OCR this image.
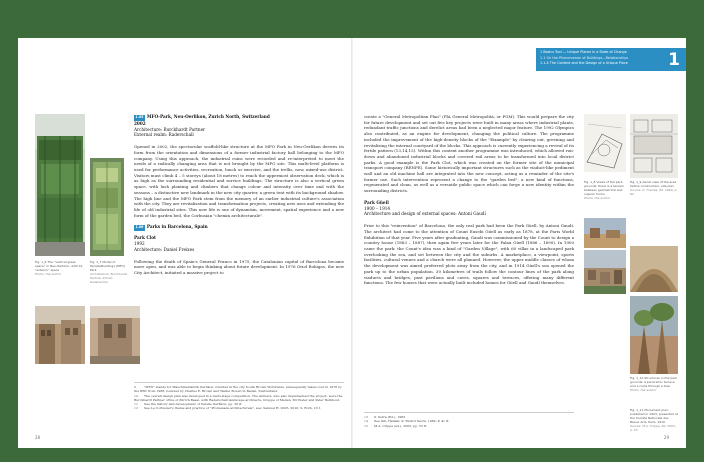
Fig. 1_6 The "vertical green space" in Neu-Oerlikon, with its "exterior" space
Photo: the author
Fig. 1_7 Model of Tensile/Buildings (MFO) Park
Architecture: Burckhardt Partner, Zürich; Raderschall
1.05 MFO-Park, Neu-Oerlikon, Zurich North, Switzerland
2002
Architecture: Burckhardt Partner
External realm: Raderschall
Opened in 2002, the spectacular scaffold-like structure at the MFO Park in Neu-Oerlikon derives its form from the orientation and dimensions of a former industrial factory hall belonging to the MFO company. Using this approach, the industrial ruins were recorded and re-interpreted to meet the needs of a radically changing area that is not brought by the MFO site. This multi-level platform is used for performance activities, recreation, lunch or exercise, and the trellis, now, mixed-use district. Visitors must climb 4 – 5 storeys (about 18 metres) to reach the uppermost observation deck, which is as high as the surrounding residential and service buildings. The structure is also a vertical green space, with lush planting and climbers that change colour and intensity over time and with the seasons – a distinctive new landmark in the new city quarter, a green tent with its background shadow. The high line and the MFO Park stem from the memory of an earlier industrial culture's association with the city. They are revitalisation and transformation projects, creating new uses and extending the life of old industrial sites. This new life is one of dynamism, movement, spatial experience and a new form of the garden bed, the Corbusian "chemin architecturale".
1.06 Parks in Barcelona, Spain
Park Clot
1992
Architecture: Daniel Freixes
Following the death of Spain's General Franco in 1975, the Catalonian capital of Barcelona became more open, and was able to begin thinking about future development. In 1976 Oriol Bohigas, the new City Architect, initiated a massive project to
9	"MFO" stands for Maschinenfabrik Oerlikon, founded in the city South Brown Worldwide, subsequently taken over in 1976 by the BBC from 1988, founded by Charles E. Brown and Walter Boveri in Baden, Switzerland.
10 The overall design plan was developed in a multi-stage competition. The winners, who also implemented the project, were the Burckhardt Partner office of Zürich-Basel, with Raderschall landscape architects, Gruppe of Meilen, Mr Pieter and Peter Berkhout.
11 See the history and development of Tensile Oerlikon, pp. 30 ff.
12 See Le Corbusier's theme and practice of "Promenade architecturale", see: Samuel H. 2005, 2010: S. Roth, 10 f.
28
1 Basics Tool — Unique Places in a State of Change
1.1 On the Phenomenon of Buildings—Relationships
1.1.4 The Context and the Design of a Unique Place 1
create a "General Metropolitan Plan" (PlA General Metropolità, or PGM). This would prepare the city for future development and set out five key projects were built in many areas where industrial plants, redundant traffic junctions and derelict areas had been a neglected major feature. The 1992 Olympics also contributed, as an engine for development, changing the political culture. The programme included the improvement of the high-density blocks of the "Eixample" by clearing out, greening and revitalising the internal courtyard of the blocks. This approach is currently experiencing a revival of its fertile pattern (13,14,15). Within this context another programme was introduced, which allowed run-down and abandoned industrial blocks and covered rail areas to be transformed into local district parks. A good example is the Park Clot, which was created on the former site of the municipal transport company (RENFE). Some historically important structures such as the viaduct-like pediment wall and an old machine hall are integrated into the new concept, acting as a reminder of the site's former use. Such intervention represent a change to the "garden bed", a new kind of functions, regenerated and clean, as well as a versatile public space which can forge a new identity within the surrounding districts.
Park Güell
1900 – 1914
Architecture and design of external spaces: Antoni Gaudí
Prior to this "reinvention" of Barcelona, the only real park had been the Park Güell, by Antoni Gaudí. The architect had come to the attention of Count Eusebi Güell as early as 1878, at the Paris World Exhibition of that year. Five years after graduating, Gaudí was commissioned by the Count to design a country house (1883 – 1887), then again five years later for the Palau Güell (1886 – 1890). In 1900 came the park: the Count's idea was a kind of "Garden Village", with 60 villas in a landscaped park overlooking the sea, and set between the city and the suburbs. A marketplace, a viewpoint, sports facilities, cultural venues and a church were all planned. However, the upper middle classes of whom the development was aimed preferred plots away from the city, and in 1914 Güell's son opened the park up to the urban population. 30 kilometres of trails follow the contour lines of the park along viaducts and bridges, past pavilions and caves, squares and terraces, offering many different functions. The few houses that were actually built included homes for Güell and Gaudí themselves.
13 S. Serra (Ed.), 1982
14 See Gili, Hallam, 9: Ricard Sacrà, 1982; P. 41 ff.
15 M.A. Crippa (ed.), 2003, pp. 53 ff.
Fig. 1_8 Views of the park grounds: there is a tension between geometrical and organic forms
Photo: the author
Fig. 1_9 Aerial view of the area before construction, site plan
Source: D. Freixes, Ed. 1990, p. 92
Fig. 1_10 Structures in the park grounds: a panoramic terrace and a route through a tree
Photo: the author
Fig. 1_11 Monument plan, published in 1903, presented at the Société Nationale des Beaux Arts, Paris, 1910
Source: M.A. Crippa, Ed. 2003, p. 53
29
